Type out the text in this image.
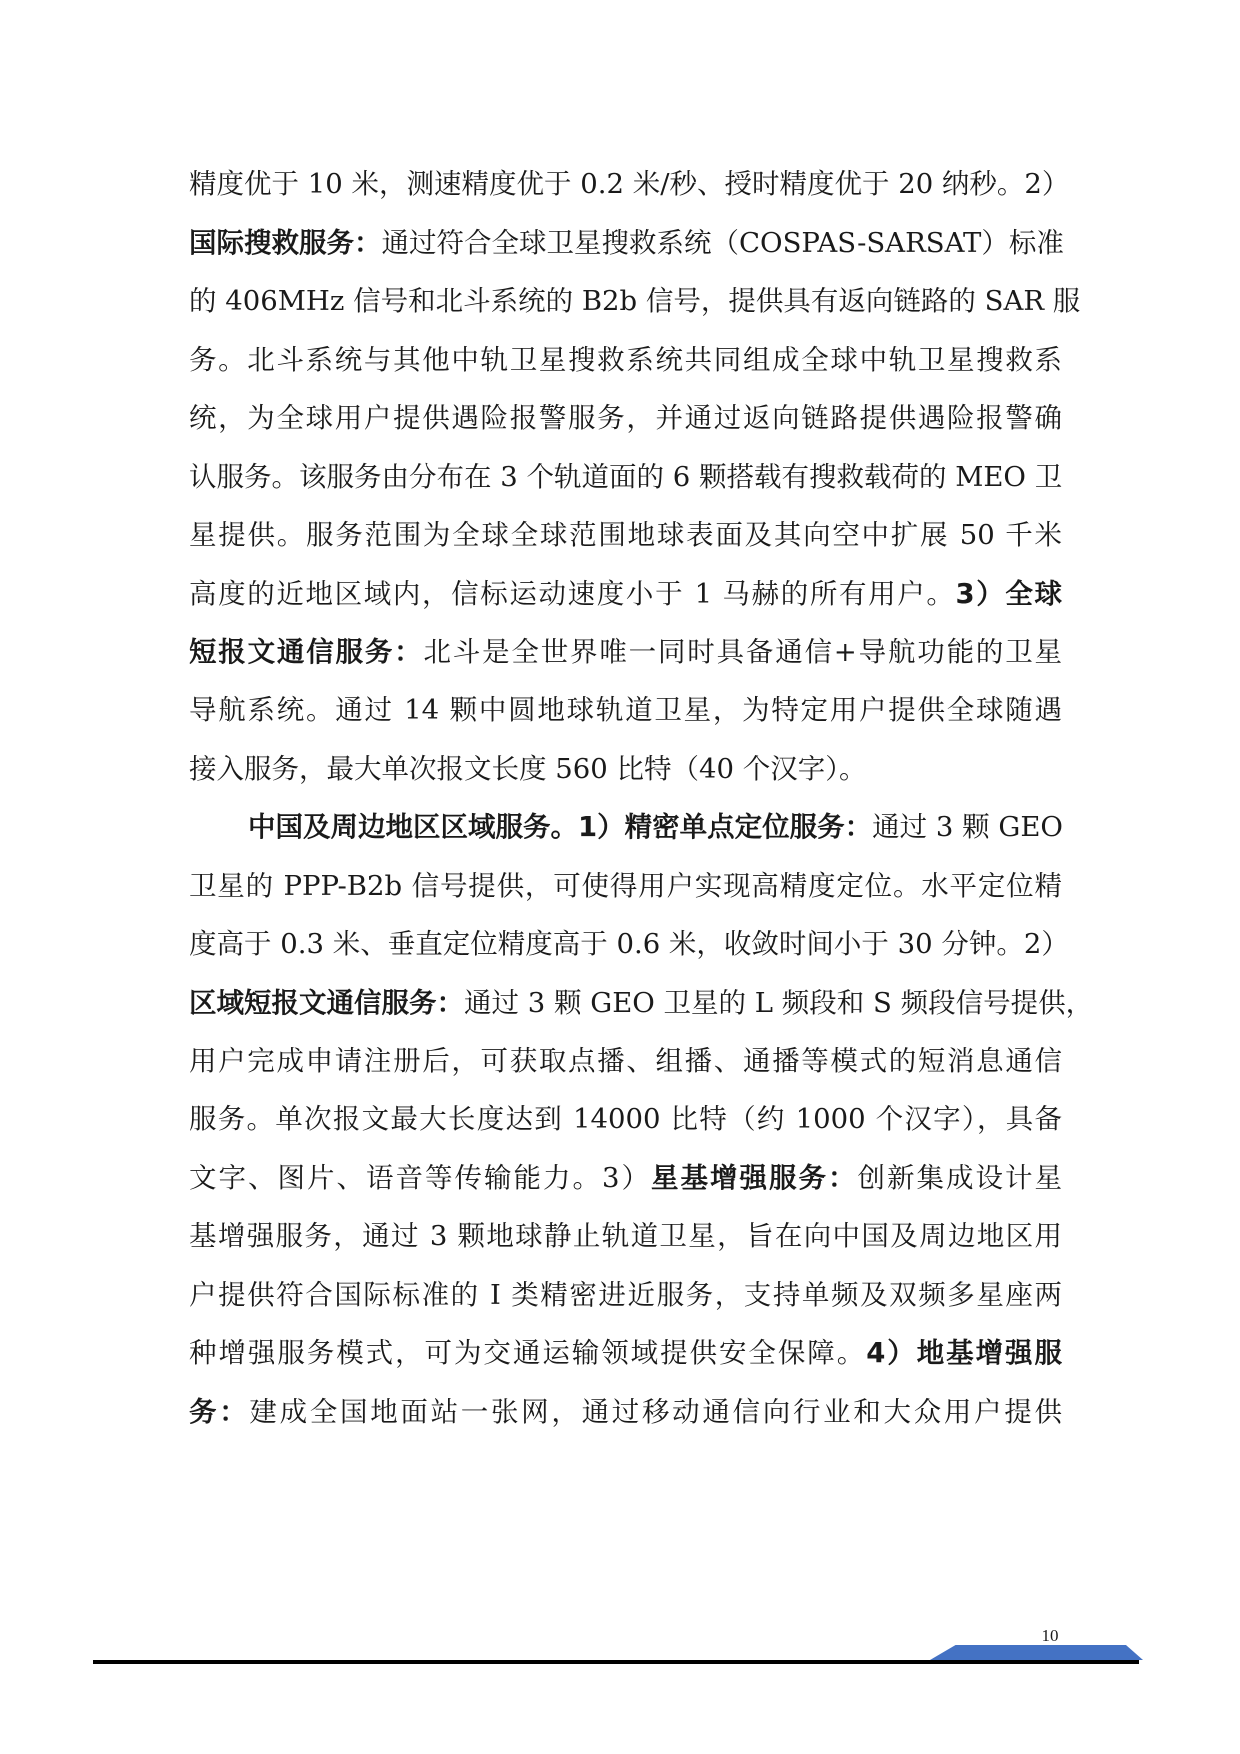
精度优于 10 米，测速精度优于 0.2 米/秒、授时精度优于 20 纳秒。2）
国际搜救服务：通过符合全球卫星搜救系统（COSPAS-SARSAT）标准
的 406MHz 信号和北斗系统的 B2b 信号，提供具有返向链路的 SAR 服
务。北斗系统与其他中轨卫星搜救系统共同组成全球中轨卫星搜救系
统，为全球用户提供遇险报警服务，并通过返向链路提供遇险报警确
认服务。该服务由分布在 3 个轨道面的 6 颗搭载有搜救载荷的 MEO 卫
星提供。服务范围为全球全球范围地球表面及其向空中扩展 50 千米
高度的近地区域内，信标运动速度小于 1 马赫的所有用户。3）全球
短报文通信服务：北斗是全世界唯一同时具备通信+导航功能的卫星
导航系统。通过 14 颗中圆地球轨道卫星，为特定用户提供全球随遇
接入服务，最大单次报文长度 560 比特（40 个汉字）。
中国及周边地区区域服务。1）精密单点定位服务：通过 3 颗 GEO
卫星的 PPP-B2b 信号提供，可使得用户实现高精度定位。水平定位精
度高于 0.3 米、垂直定位精度高于 0.6 米，收敛时间小于 30 分钟。2）
区域短报文通信服务：通过 3 颗 GEO 卫星的 L 频段和 S 频段信号提供，
用户完成申请注册后，可获取点播、组播、通播等模式的短消息通信
服务。单次报文最大长度达到 14000 比特（约 1000 个汉字），具备
文字、图片、语音等传输能力。3）星基增强服务：创新集成设计星
基增强服务，通过 3 颗地球静止轨道卫星，旨在向中国及周边地区用
户提供符合国际标准的 I 类精密进近服务，支持单频及双频多星座两
种增强服务模式，可为交通运输领域提供安全保障。4）地基增强服
务：建成全国地面站一张网，通过移动通信向行业和大众用户提供
10
